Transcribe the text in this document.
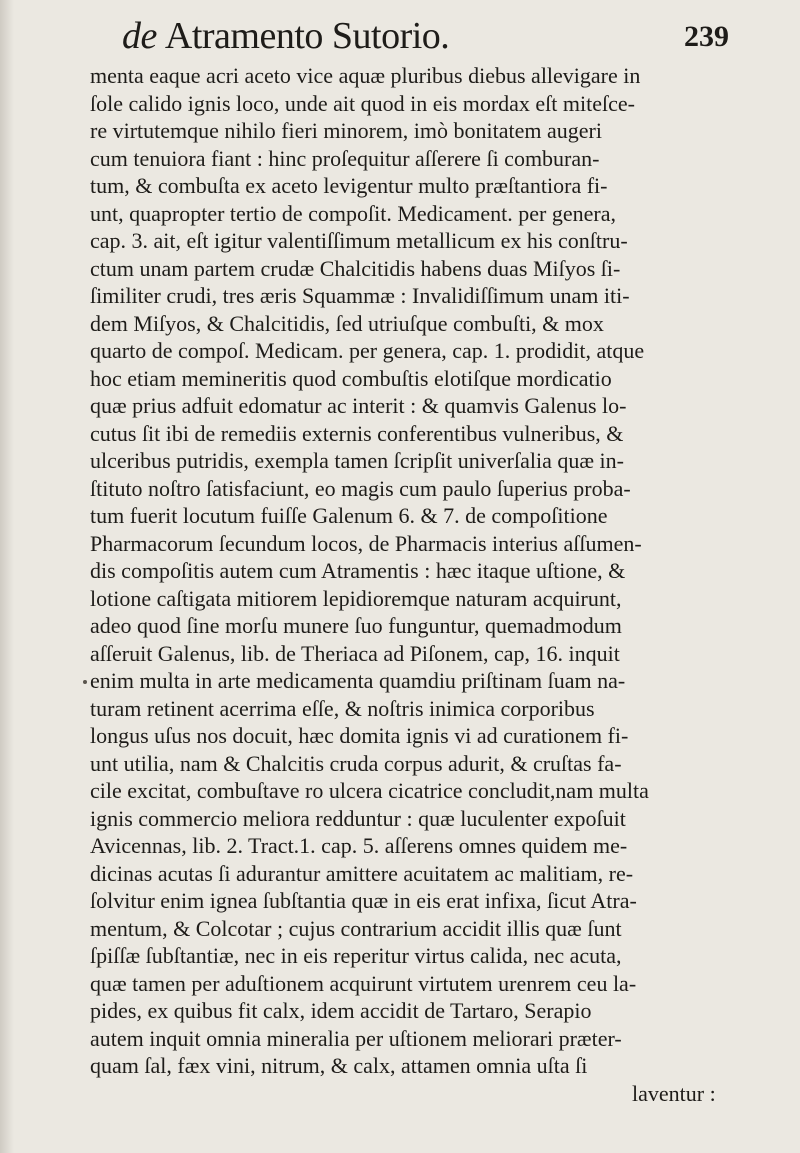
de Atramento Sutorio.	239
menta eaque acri aceto vice aquæ pluribus diebus allevigare in
ſole calido ignis loco, unde ait quod in eis mordax eſt miteſce-
re virtutemque nihilo fieri minorem, imò bonitatem augeri
cum tenuiora fiant : hinc proſequitur aſſerere ſi comburan-
tum, & combuſta ex aceto levigentur multo præſtantiora fi-
unt, quapropter tertio de compoſit. Medicament. per genera,
cap. 3. ait, eſt igitur valentiſſimum metallicum ex his conſtru-
ctum unam partem crudæ Chalcitidis habens duas Miſyos ſi-
ſimiliter crudi, tres æris Squammæ : Invalidiſſimum unam iti-
dem Miſyos, & Chalcitidis, ſed utriuſque combuſti, & mox
quarto de compoſ. Medicam. per genera, cap. 1. prodidit, atque
hoc etiam memineritis quod combuſtis elotiſque mordicatio
quæ prius adfuit edomatur ac interit : & quamvis Galenus lo-
cutus ſit ibi de remediis externis conferentibus vulneribus, &
ulceribus putridis, exempla tamen ſcripſit univerſalia quæ in-
ſtituto noſtro ſatisfaciunt, eo magis cum paulo ſuperius proba-
tum fuerit locutum fuiſſe Galenum 6. & 7. de compoſitione
Pharmacorum ſecundum locos, de Pharmacis interius aſſumen-
dis compoſitis autem cum Atramentis : hæc itaque uſtione, &
lotione caſtigata mitiorem lepidioremque naturam acquirunt,
adeo quod ſine morſu munere ſuo funguntur, quemadmodum
aſſeruit Galenus, lib. de Theriaca ad Piſonem, cap, 16. inquit
enim multa in arte medicamenta quamdiu priſtinam ſuam na-
turam retinent acerrima eſſe, & noſtris inimica corporibus
longus uſus nos docuit, hæc domita ignis vi ad curationem fi-
unt utilia, nam & Chalcitis cruda corpus adurit, & cruſtas fa-
cile excitat, combuſtave ro ulcera cicatrice concludit,nam multa
ignis commercio meliora redduntur : quæ luculenter expoſuit
Avicennas, lib. 2. Tract.1. cap. 5. aſſerens omnes quidem me-
dicinas acutas ſi adurantur amittere acuitatem ac malitiam, re-
ſolvitur enim ignea ſubſtantia quæ in eis erat infixa, ſicut Atra-
mentum, & Colcotar ; cujus contrarium accidit illis quæ ſunt
ſpiſſæ ſubſtantiæ, nec in eis reperitur virtus calida, nec acuta,
quæ tamen per aduſtionem acquirunt virtutem urenrem ceu la-
pides, ex quibus fit calx, idem accidit de Tartaro, Serapio
autem inquit omnia mineralia per uſtionem meliorari præter-
quam ſal, fæx vini, nitrum, & calx, attamen omnia uſta ſi
laventur :
